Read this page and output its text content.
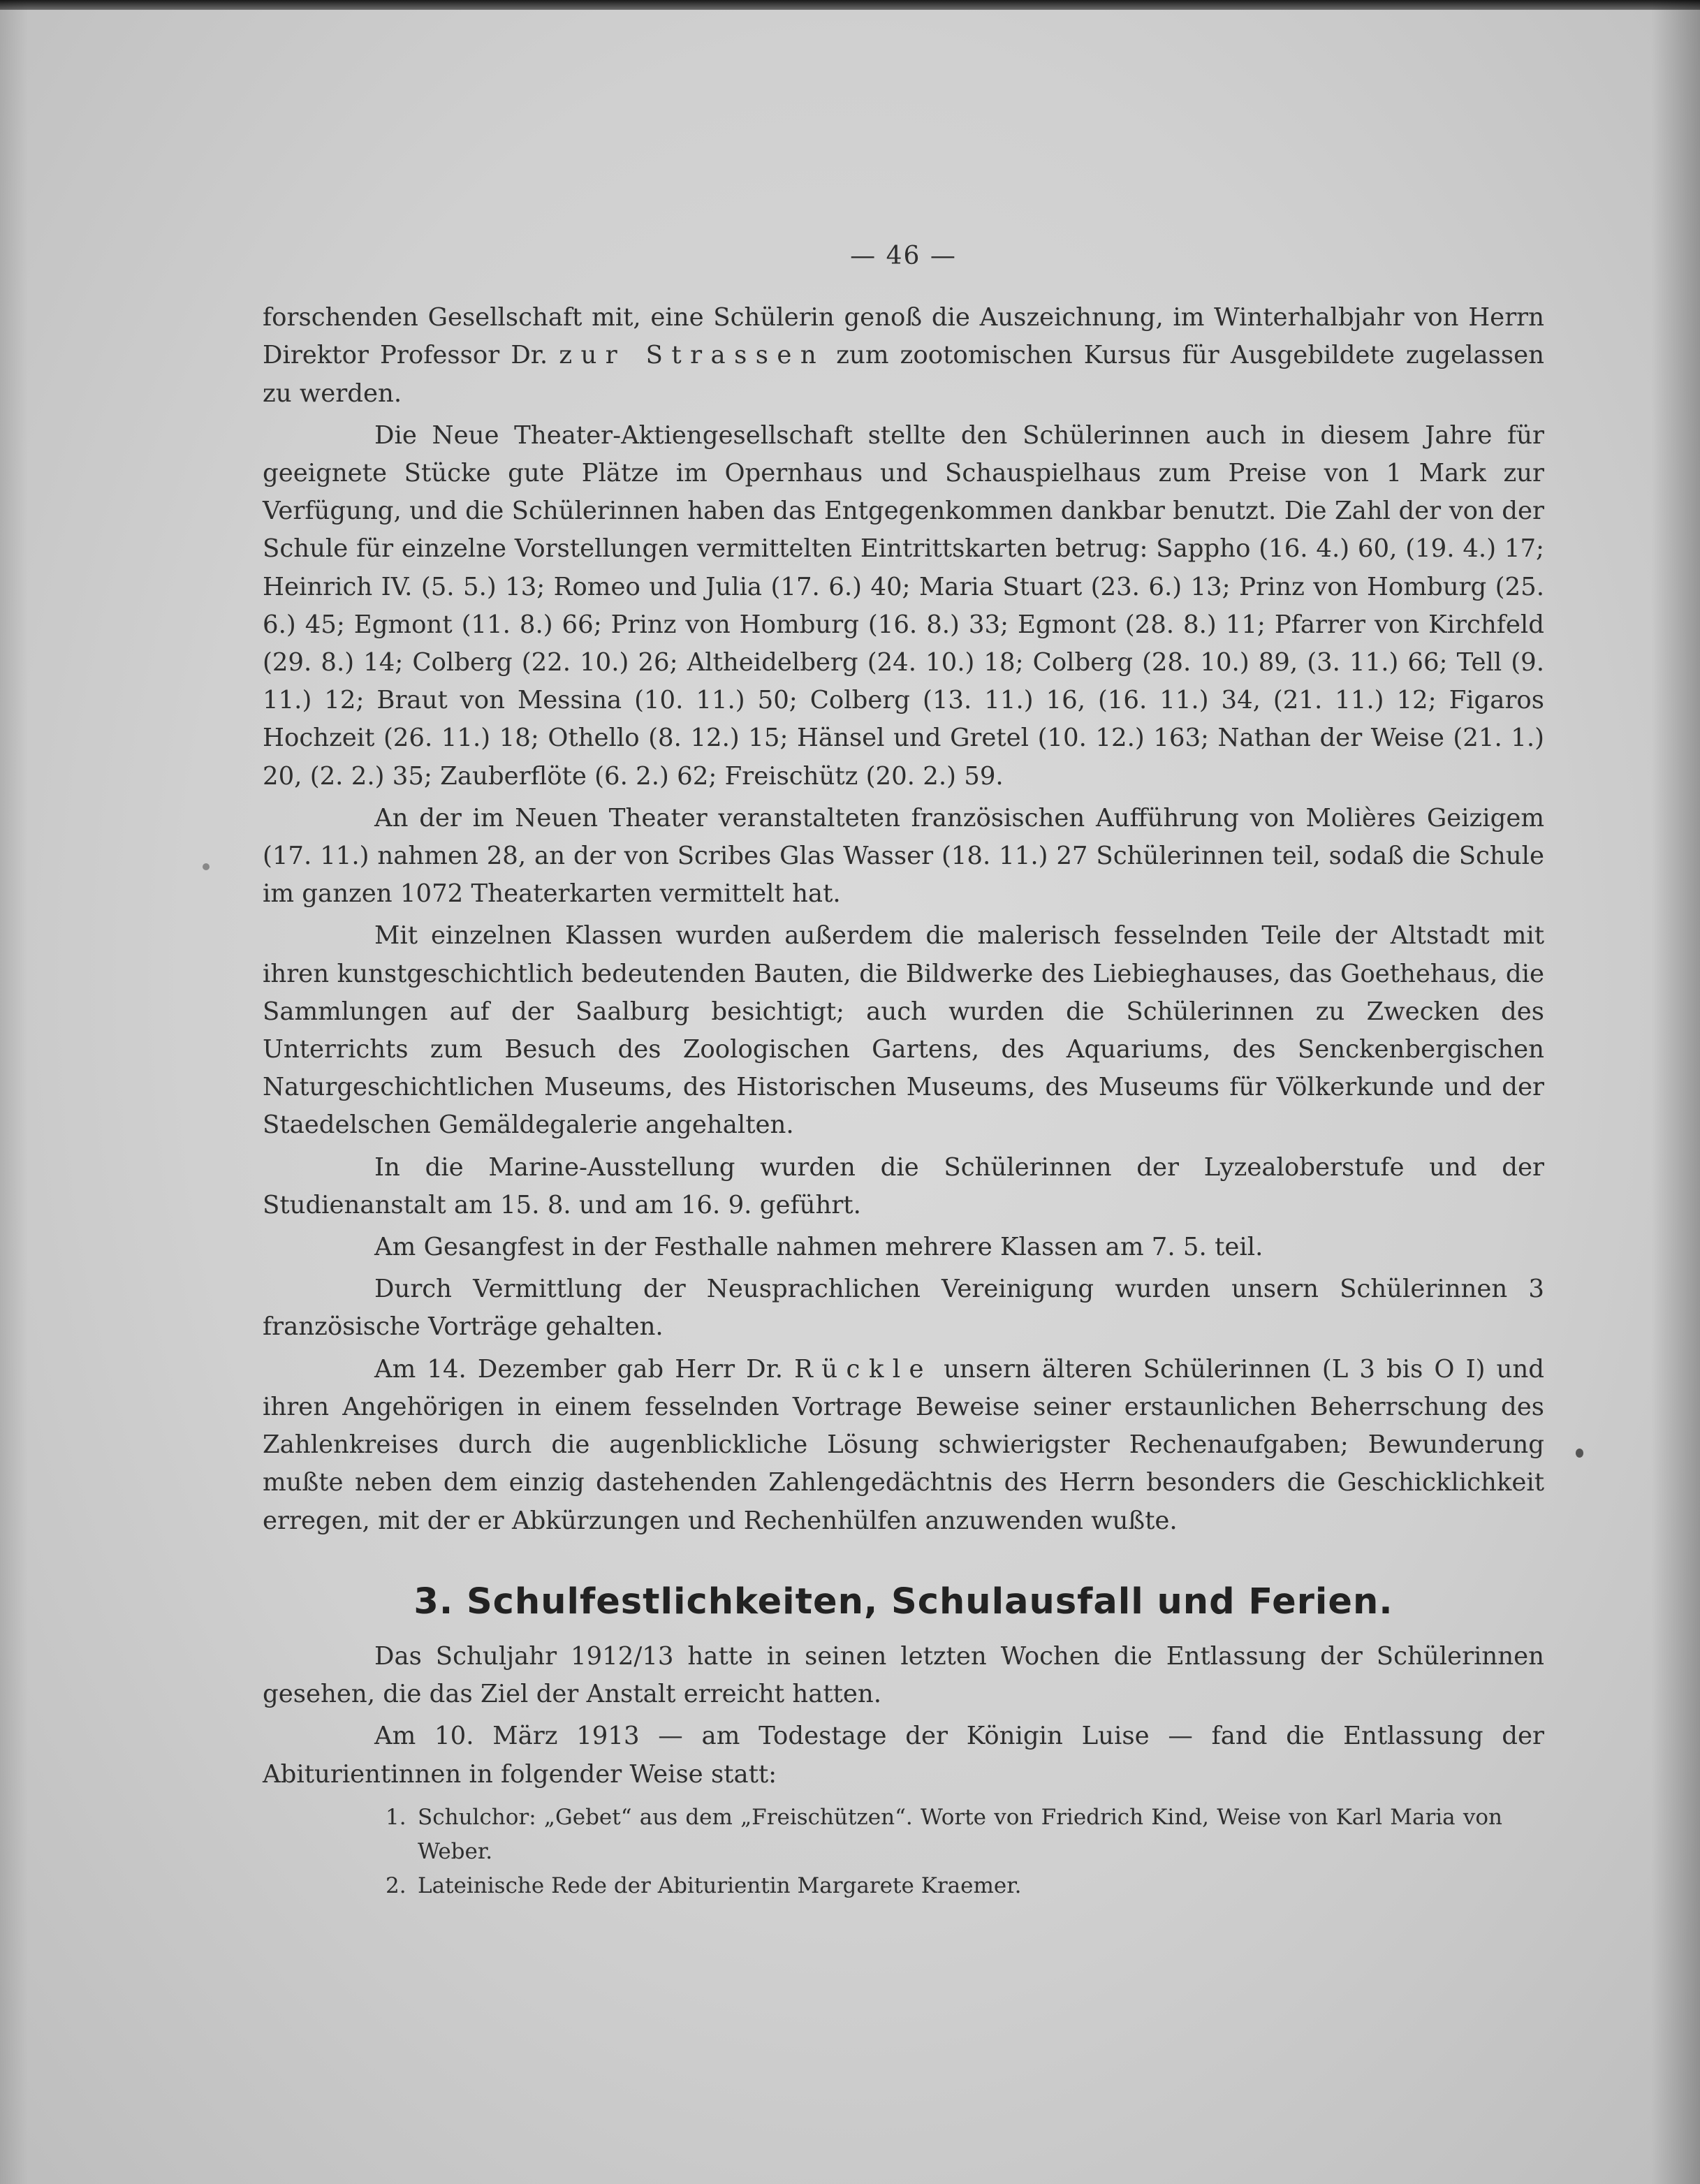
— 46 —

forschenden Gesellschaft mit, eine Schülerin genoß die Auszeichnung, im Winterhalbjahr von Herrn Direktor Professor Dr. zur Strassen zum zootomischen Kursus für Ausgebildete zugelassen zu werden.

Die Neue Theater-Aktiengesellschaft stellte den Schülerinnen auch in diesem Jahre für geeignete Stücke gute Plätze im Opernhaus und Schauspielhaus zum Preise von 1 Mark zur Verfügung, und die Schülerinnen haben das Entgegenkommen dankbar benutzt. Die Zahl der von der Schule für einzelne Vorstellungen vermittelten Eintrittskarten betrug: Sappho (16. 4.) 60, (19. 4.) 17; Heinrich IV. (5. 5.) 13; Romeo und Julia (17. 6.) 40; Maria Stuart (23. 6.) 13; Prinz von Homburg (25. 6.) 45; Egmont (11. 8.) 66; Prinz von Homburg (16. 8.) 33; Egmont (28. 8.) 11; Pfarrer von Kirchfeld (29. 8.) 14; Colberg (22. 10.) 26; Altheidelberg (24. 10.) 18; Colberg (28. 10.) 89, (3. 11.) 66; Tell (9. 11.) 12; Braut von Messina (10. 11.) 50; Colberg (13. 11.) 16, (16. 11.) 34, (21. 11.) 12; Figaros Hochzeit (26. 11.) 18; Othello (8. 12.) 15; Hänsel und Gretel (10. 12.) 163; Nathan der Weise (21. 1.) 20, (2. 2.) 35; Zauberflöte (6. 2.) 62; Freischütz (20. 2.) 59.

An der im Neuen Theater veranstalteten französischen Aufführung von Molières Geizigem (17. 11.) nahmen 28, an der von Scribes Glas Wasser (18. 11.) 27 Schülerinnen teil, sodaß die Schule im ganzen 1072 Theaterkarten vermittelt hat.

Mit einzelnen Klassen wurden außerdem die malerisch fesselnden Teile der Altstadt mit ihren kunstgeschichtlich bedeutenden Bauten, die Bildwerke des Liebieghauses, das Goethehaus, die Sammlungen auf der Saalburg besichtigt; auch wurden die Schülerinnen zu Zwecken des Unterrichts zum Besuch des Zoologischen Gartens, des Aquariums, des Senckenbergischen Naturgeschichtlichen Museums, des Historischen Museums, des Museums für Völkerkunde und der Staedelschen Gemäldegalerie angehalten.

In die Marine-Ausstellung wurden die Schülerinnen der Lyzealoberstufe und der Studienanstalt am 15. 8. und am 16. 9. geführt.

Am Gesangfest in der Festhalle nahmen mehrere Klassen am 7. 5. teil.

Durch Vermittlung der Neusprachlichen Vereinigung wurden unsern Schülerinnen 3 französische Vorträge gehalten.

Am 14. Dezember gab Herr Dr. Rückle unsern älteren Schülerinnen (L 3 bis O I) und ihren Angehörigen in einem fesselnden Vortrage Beweise seiner erstaunlichen Beherrschung des Zahlenkreises durch die augenblickliche Lösung schwierigster Rechenaufgaben; Bewunderung mußte neben dem einzig dastehenden Zahlengedächtnis des Herrn besonders die Geschicklichkeit erregen, mit der er Abkürzungen und Rechenhülfen anzuwenden wußte.

3. Schulfestlichkeiten, Schulausfall und Ferien.

Das Schuljahr 1912/13 hatte in seinen letzten Wochen die Entlassung der Schülerinnen gesehen, die das Ziel der Anstalt erreicht hatten.

Am 10. März 1913 — am Todestage der Königin Luise — fand die Entlassung der Abiturientinnen in folgender Weise statt:

1. Schulchor: „Gebet“ aus dem „Freischützen“. Worte von Friedrich Kind, Weise von Karl Maria von Weber.
2. Lateinische Rede der Abiturientin Margarete Kraemer.
